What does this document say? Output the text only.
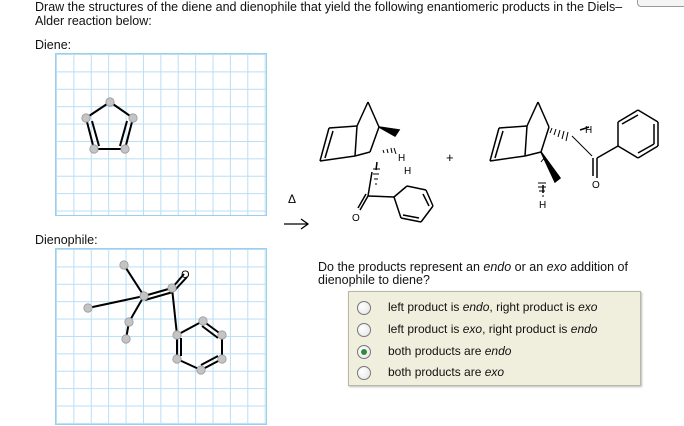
Draw the structures of the diene and dienophile that yield the following enantiomeric products in the Diels–Alder reaction below:
Diene:
Dienophile:
O
Δ
H
H
O
+
H
H
O
Do the products represent an endo or an exo addition of dienophile to diene?
left product is endo, right product is exo
left product is exo, right product is endo
both products are endo
both products are exo
